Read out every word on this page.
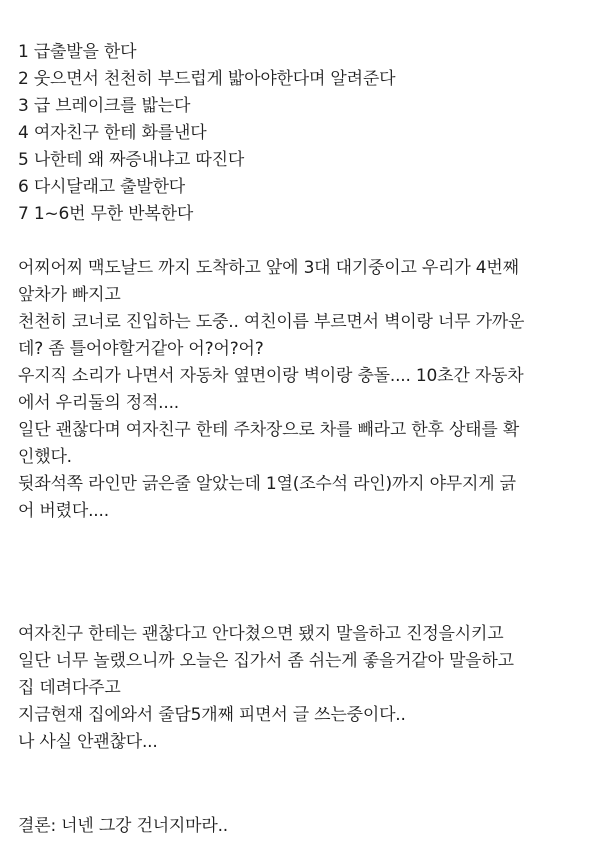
1 급출발을 한다
2 웃으면서 천천히 부드럽게 밟아야한다며 알려준다
3 급 브레이크를 밟는다
4 여자친구 한테 화를낸다
5 나한테 왜 짜증내냐고 따진다
6 다시달래고 출발한다
7 1~6번 무한 반복한다
어찌어찌 맥도날드 까지 도착하고 앞에 3대 대기중이고 우리가 4번째
앞차가 빠지고
천천히 코너로 진입하는 도중.. 여친이름 부르면서 벽이랑 너무 가까운
데? 좀 틀어야할거같아 어?어?어?
우지직 소리가 나면서 자동차 옆면이랑 벽이랑 충돌.... 10초간 자동차
에서 우리둘의 정적....
일단 괜찮다며 여자친구 한테 주차장으로 차를 빼라고 한후 상태를 확
인했다.
뒷좌석쪽 라인만 긁은줄 알았는데 1열(조수석 라인)까지 야무지게 긁
어 버렸다....
여자친구 한테는 괜찮다고 안다쳤으면 됐지 말을하고 진정을시키고
일단 너무 놀랬으니까 오늘은 집가서 좀 쉬는게 좋을거같아 말을하고
집 데려다주고
지금현재 집에와서 줄담5개째 피면서 글 쓰는중이다..
나 사실 안괜찮다...
결론: 너넨 그강 건너지마라..
